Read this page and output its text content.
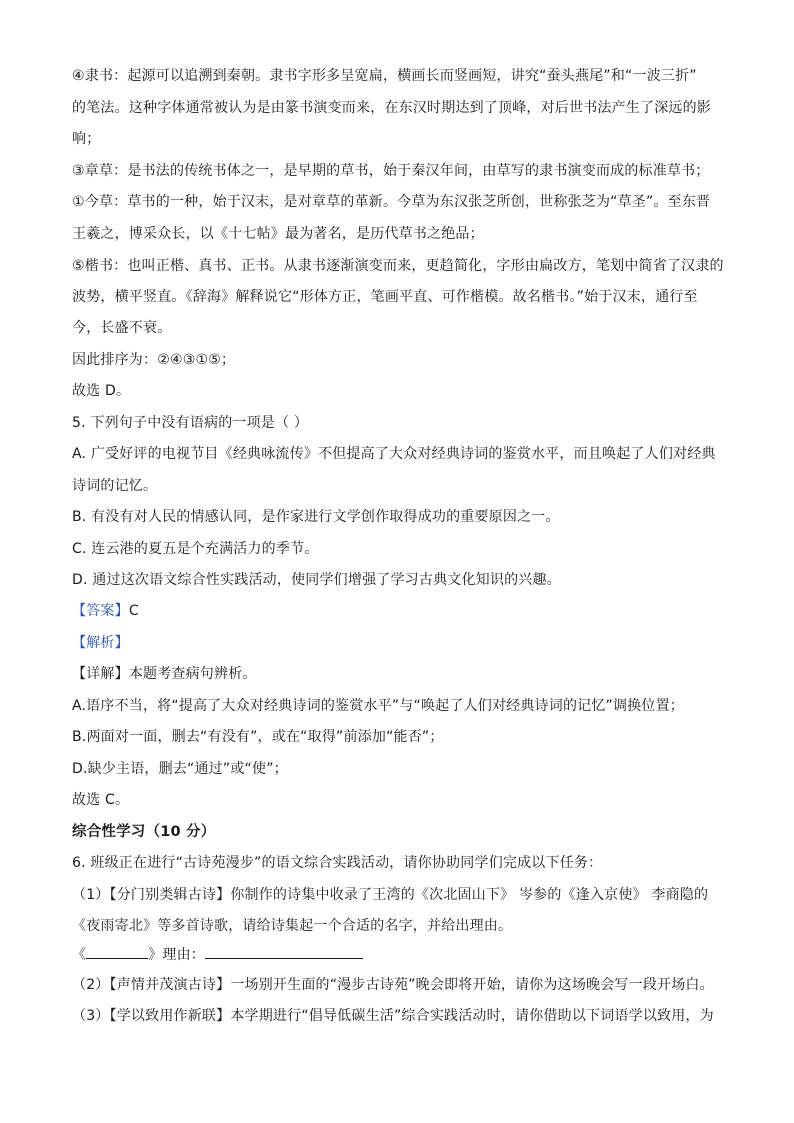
④隶书：起源可以追溯到秦朝。隶书字形多呈宽扁，横画长而竖画短，讲究“蚕头燕尾”和“一波三折”
的笔法。这种字体通常被认为是由篆书演变而来，在东汉时期达到了顶峰，对后世书法产生了深远的影
响；
③章草：是书法的传统书体之一，是早期的草书，始于秦汉年间，由草写的隶书演变而成的标准草书；
①今草：草书的一种，始于汉末，是对章草的革新。今草为东汉张芝所创，世称张芝为“草圣”。至东晋
王羲之，博采众长，以《十七帖》最为著名，是历代草书之绝品；
⑤楷书：也叫正楷、真书、正书。从隶书逐渐演变而来，更趋简化，字形由扁改方，笔划中简省了汉隶的
波势，横平竖直。《辞海》解释说它“形体方正，笔画平直、可作楷模。故名楷书。”始于汉末，通行至
今，长盛不衰。
因此排序为：②④③①⑤；
故选 D。
5. 下列句子中没有语病的一项是（ ）
A. 广受好评的电视节目《经典咏流传》不但提高了大众对经典诗词的鉴赏水平，而且唤起了人们对经典
诗词的记忆。
B. 有没有对人民的情感认同，是作家进行文学创作取得成功的重要原因之一。
C. 连云港的夏五是个充满活力的季节。
D. 通过这次语文综合性实践活动，使同学们增强了学习古典文化知识的兴趣。
【答案】C
【解析】
【详解】本题考查病句辨析。
A.语序不当，将“提高了大众对经典诗词的鉴赏水平”与“唤起了人们对经典诗词的记忆”调换位置；
B.两面对一面，删去“有没有”，或在“取得”前添加“能否”；
D.缺少主语，删去“通过”或“使”；
故选 C。
综合性学习（10 分）
6. 班级正在进行“古诗苑漫步”的语文综合实践活动，请你协助同学们完成以下任务：
（1）【分门别类辑古诗】你制作的诗集中收录了王湾的《次北固山下》 岑参的《逢入京使》 李商隐的
《夜雨寄北》等多首诗歌，请给诗集起一个合适的名字，并给出理由。
《	》理由：
（2）【声情并茂演古诗】一场别开生面的“漫步古诗苑”晚会即将开始，请你为这场晚会写一段开场白。
（3）【学以致用作新联】本学期进行“倡导低碳生活”综合实践活动时，请你借助以下词语学以致用，为
